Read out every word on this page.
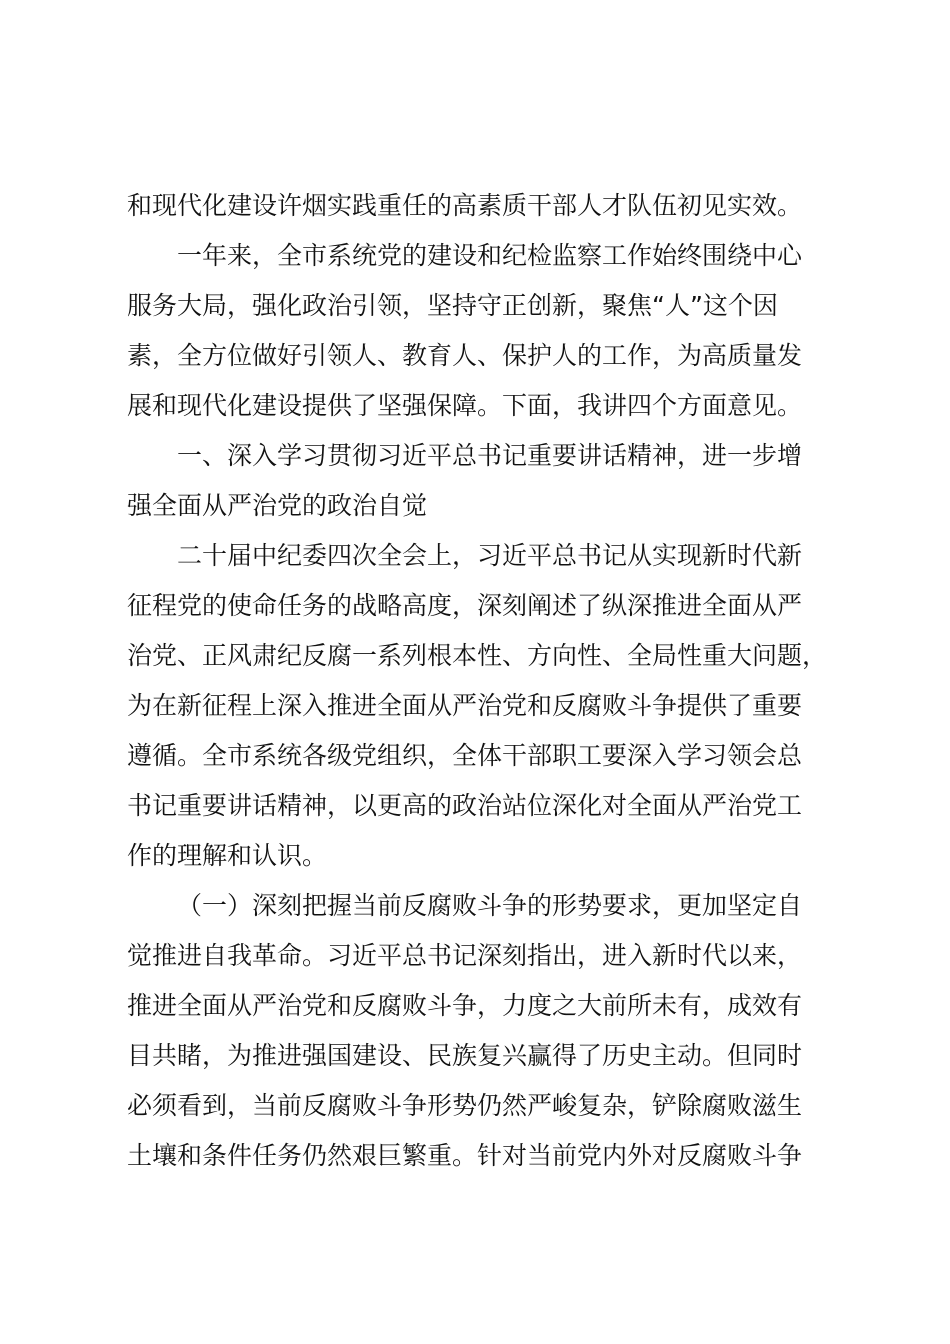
和现代化建设许烟实践重任的高素质干部人才队伍初见实效。
一年来，全市系统党的建设和纪检监察工作始终围绕中心
服务大局，强化政治引领，坚持守正创新，聚焦“人”这个因
素，全方位做好引领人、教育人、保护人的工作，为高质量发
展和现代化建设提供了坚强保障。下面，我讲四个方面意见。
一、深入学习贯彻习近平总书记重要讲话精神，进一步增
强全面从严治党的政治自觉
二十届中纪委四次全会上，习近平总书记从实现新时代新
征程党的使命任务的战略高度，深刻阐述了纵深推进全面从严
治党、正风肃纪反腐一系列根本性、方向性、全局性重大问题，
为在新征程上深入推进全面从严治党和反腐败斗争提供了重要
遵循。全市系统各级党组织，全体干部职工要深入学习领会总
书记重要讲话精神，以更高的政治站位深化对全面从严治党工
作的理解和认识。
（一）深刻把握当前反腐败斗争的形势要求，更加坚定自
觉推进自我革命。习近平总书记深刻指出，进入新时代以来，
推进全面从严治党和反腐败斗争，力度之大前所未有，成效有
目共睹，为推进强国建设、民族复兴赢得了历史主动。但同时
必须看到，当前反腐败斗争形势仍然严峻复杂，铲除腐败滋生
土壤和条件任务仍然艰巨繁重。针对当前党内外对反腐败斗争
